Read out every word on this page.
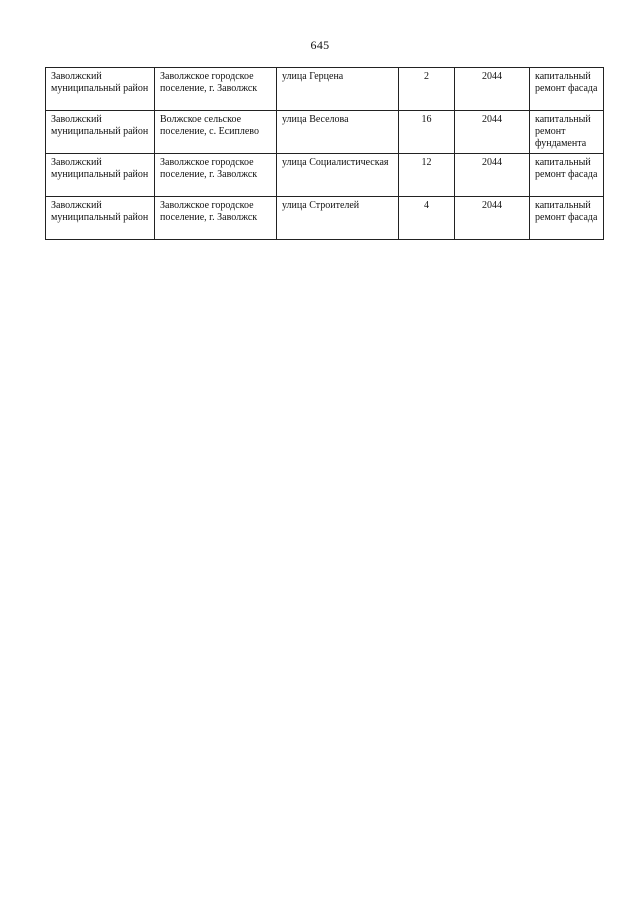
645
Заволжский муниципальный район	Заволжское городское поселение, г. Заволжск	улица Герцена	2	2044	капитальный ремонт фасада
Заволжский муниципальный район	Волжское сельское поселение, с. Есиплево	улица Веселова	16	2044	капитальный ремонт фундамента
Заволжский муниципальный район	Заволжское городское поселение, г. Заволжск	улица Социалистическая	12	2044	капитальный ремонт фасада
Заволжский муниципальный район	Заволжское городское поселение, г. Заволжск	улица Строителей	4	2044	капитальный ремонт фасада
